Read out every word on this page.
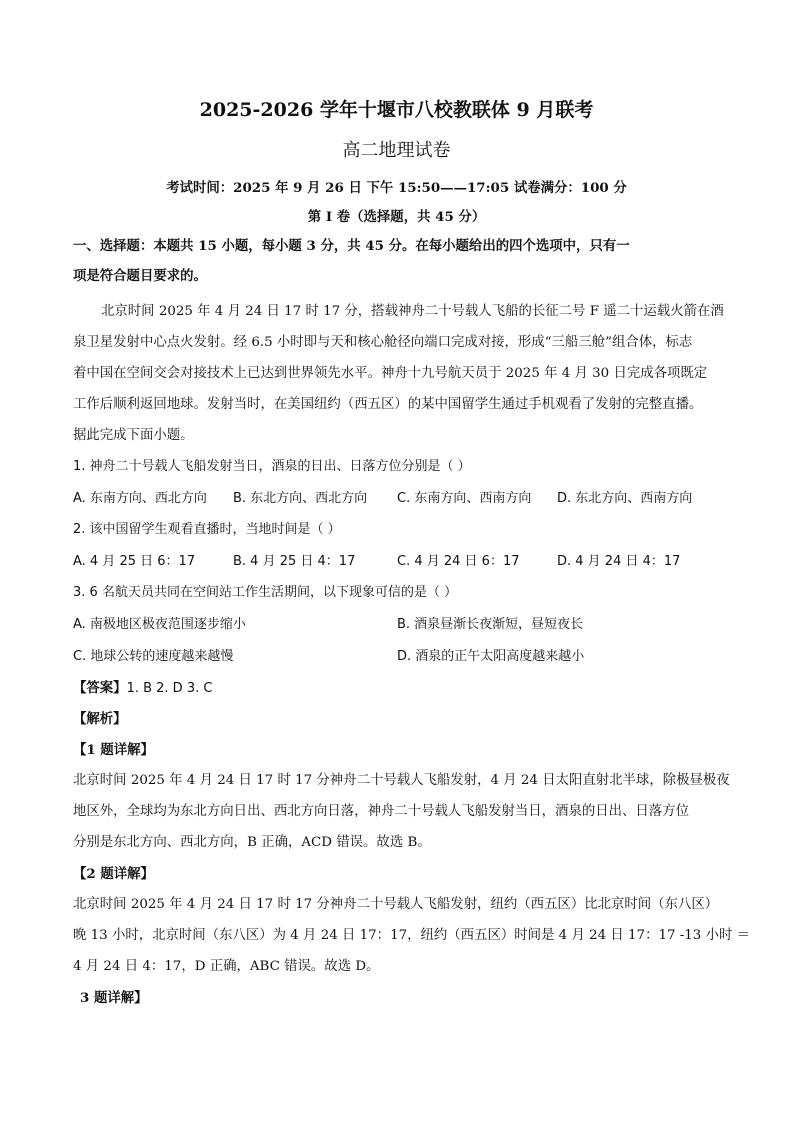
2025-2026 学年十堰市八校教联体 9 月联考
高二地理试卷
考试时间：2025 年 9 月 26 日 下午 15:50——17:05 试卷满分：100 分
第 I 卷（选择题，共 45 分）
一、选择题：本题共 15 小题，每小题 3 分，共 45 分。在每小题给出的四个选项中，只有一
项是符合题目要求的。
北京时间 2025 年 4 月 24 日 17 时 17 分，搭载神舟二十号载人飞船的长征二号 F 遥二十运载火箭在酒
泉卫星发射中心点火发射。经 6.5 小时即与天和核心舱径向端口完成对接，形成“三船三舱”组合体，标志
着中国在空间交会对接技术上已达到世界领先水平。神舟十九号航天员于 2025 年 4 月 30 日完成各项既定
工作后顺利返回地球。发射当时，在美国纽约（西五区）的某中国留学生通过手机观看了发射的完整直播。
据此完成下面小题。
1. 神舟二十号载人飞船发射当日，酒泉的日出、日落方位分别是（ ）
A. 东南方向、西北方向 B. 东北方向、西北方向 C. 东南方向、西南方向 D. 东北方向、西南方向
2. 该中国留学生观看直播时，当地时间是（ ）
A. 4 月 25 日 6：17	B. 4 月 25 日 4：17	C. 4 月 24 日 6：17	D. 4 月 24 日 4：17
3. 6 名航天员共同在空间站工作生活期间，以下现象可信的是（ ）
A. 南极地区极夜范围逐步缩小	B. 酒泉昼渐长夜渐短，昼短夜长
C. 地球公转的速度越来越慢	D. 酒泉的正午太阳高度越来越小
【答案】1. B 2. D 3. C
【解析】
【1 题详解】
北京时间 2025 年 4 月 24 日 17 时 17 分神舟二十号载人飞船发射，4 月 24 日太阳直射北半球，除极昼极夜
地区外，全球均为东北方向日出、西北方向日落，神舟二十号载人飞船发射当日，酒泉的日出、日落方位
分别是东北方向、西北方向，B 正确，ACD 错误。故选 B。
【2 题详解】
北京时间 2025 年 4 月 24 日 17 时 17 分神舟二十号载人飞船发射，纽约（西五区）比北京时间（东八区）
晚 13 小时，北京时间（东八区）为 4 月 24 日 17：17，纽约（西五区）时间是 4 月 24 日 17：17 -13 小时 ＝
4 月 24 日 4：17，D 正确，ABC 错误。故选 D。
3 题详解】
